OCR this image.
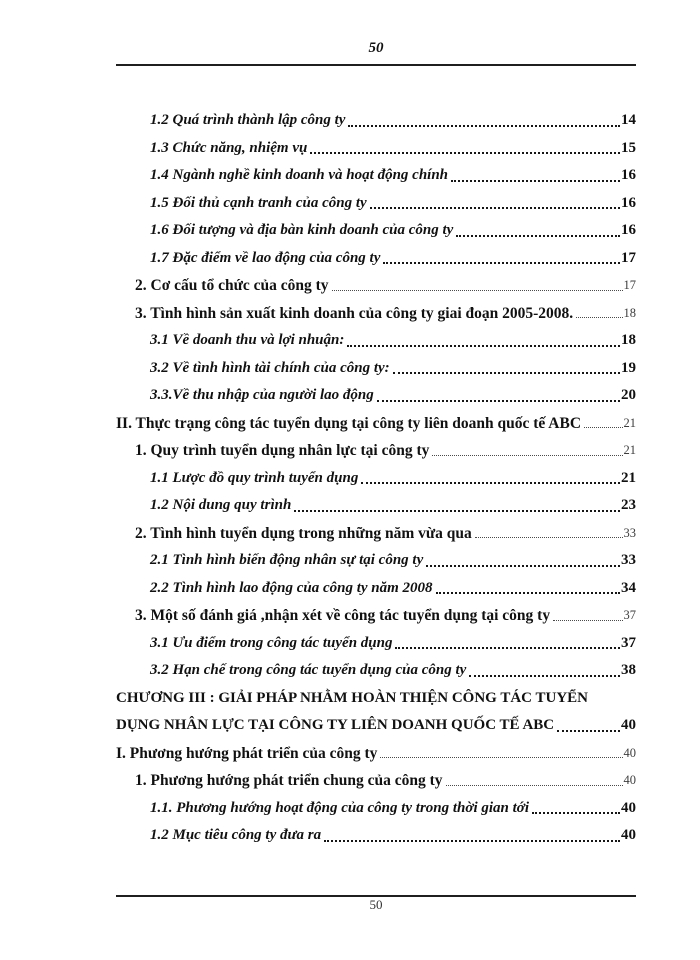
50
1.2 Quá trình thành lập công ty	14
1.3 Chức năng, nhiệm vụ	15
1.4 Ngành nghề kinh doanh và hoạt động chính	16
1.5 Đối thủ cạnh tranh của công ty	16
1.6 Đối tượng và địa bàn kinh doanh của công ty	16
1.7 Đặc điểm về lao động của công ty	17
2. Cơ cấu tổ chức của công ty	17
3. Tình hình sản xuất kinh doanh của công ty giai đoạn 2005-2008.	18
3.1 Về doanh thu và lợi nhuận:	18
3.2 Về tình hình tài chính của công ty:	19
3.3.Về thu nhập của người lao động	20
II. Thực trạng công tác tuyển dụng tại công ty liên doanh quốc tế ABC	21
1. Quy trình tuyển dụng nhân lực tại công ty	21
1.1 Lược đồ quy trình tuyển dụng	21
1.2 Nội dung quy trình	23
2. Tình hình tuyển dụng trong những năm vừa qua	33
2.1 Tình hình biến động nhân sự tại công ty	33
2.2 Tình hình lao động của công ty năm 2008	34
3. Một số đánh giá ,nhận xét về công tác tuyển dụng tại công ty	37
3.1 Ưu điểm trong công tác tuyển dụng	37
3.2 Hạn chế trong công tác tuyển dụng của công ty	38
CHƯƠNG III : GIẢI PHÁP NHẰM HOÀN THIỆN CÔNG TÁC TUYỂN
DỤNG NHÂN LỰC TẠI CÔNG TY LIÊN DOANH QUỐC TẾ ABC	40
I. Phương hướng phát triển của công ty	40
1. Phương hướng phát triển chung của công ty	40
1.1. Phương hướng hoạt động của công ty trong thời gian tới	40
1.2 Mục tiêu công ty đưa ra	40
50
